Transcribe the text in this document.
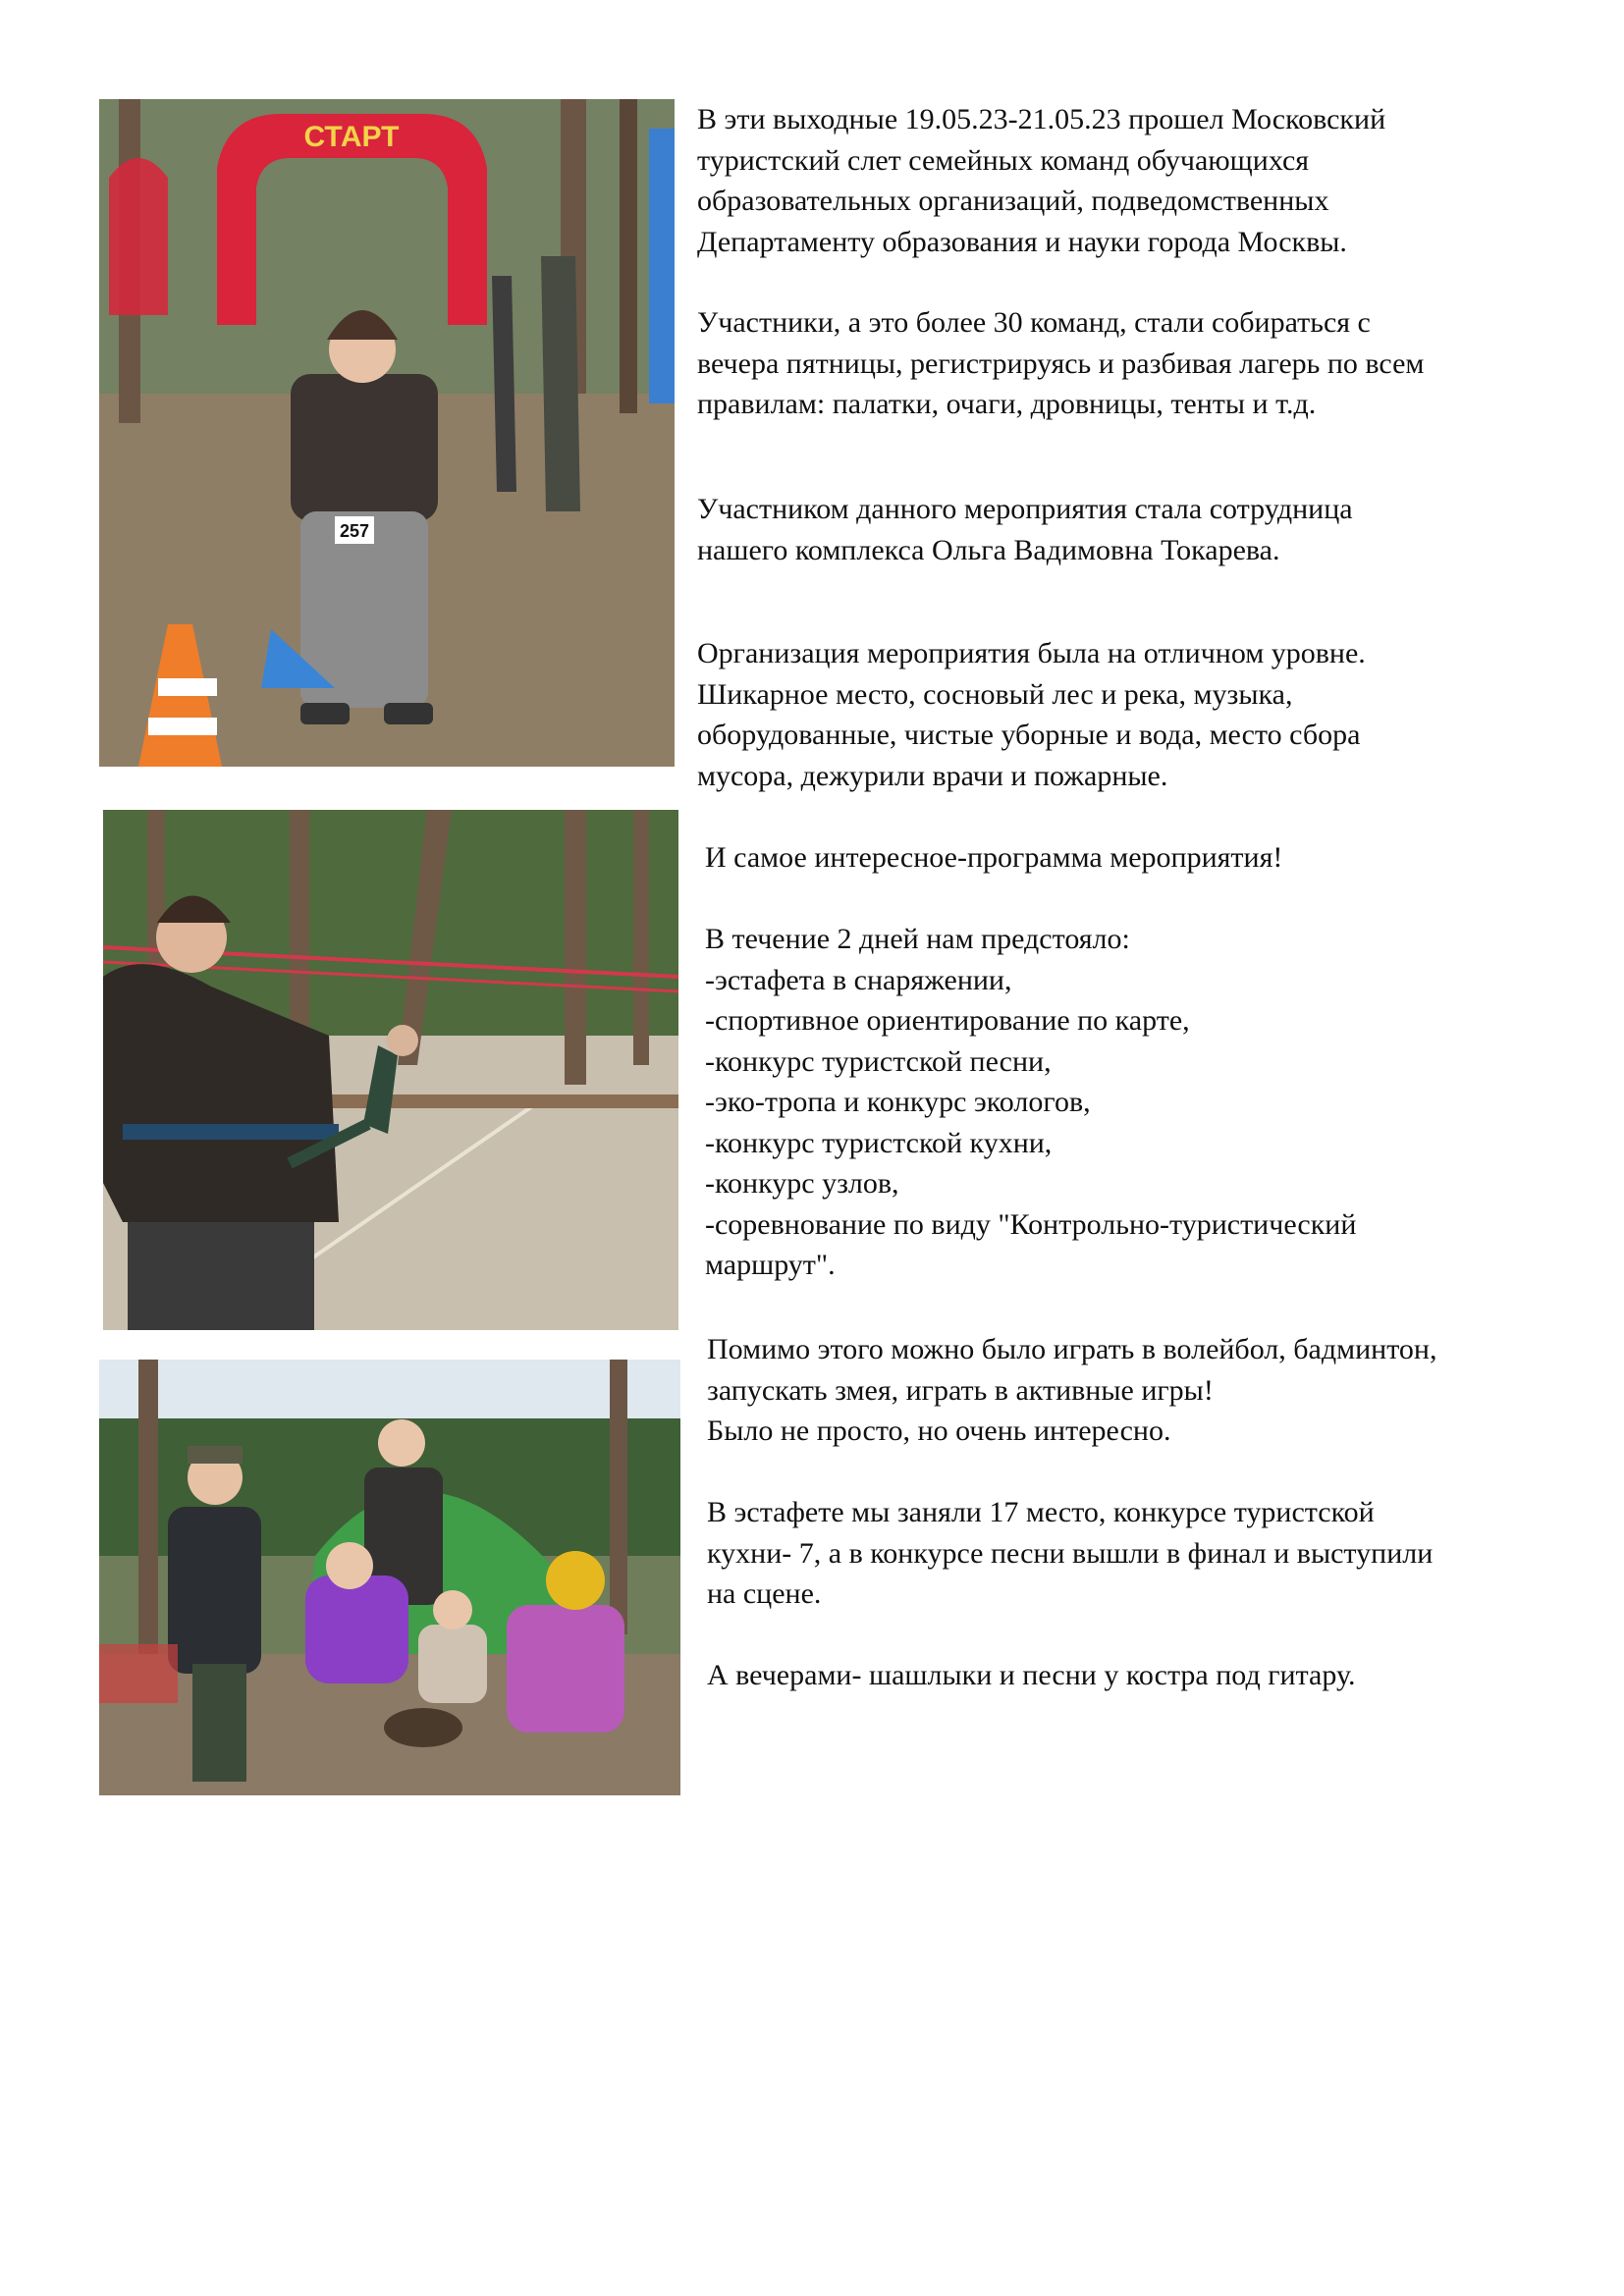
СТАРТ
257

В эти выходные 19.05.23-21.05.23 прошел Московский
туристский слет семейных команд обучающихся
образовательных организаций, подведомственных
Департаменту образования и науки города Москвы.

Участники, а это более 30 команд, стали собираться с
вечера пятницы, регистрируясь и разбивая лагерь по всем
правилам: палатки, очаги, дровницы, тенты и т.д.

Участником данного мероприятия стала сотрудница
нашего комплекса Ольга Вадимовна Токарева.

Организация мероприятия была на отличном уровне.
Шикарное место, сосновый лес и река, музыка,
оборудованные, чистые уборные и вода, место сбора
мусора, дежурили врачи и пожарные.

И самое интересное-программа мероприятия!

В течение 2 дней нам предстояло:
-эстафета в снаряжении,
-спортивное ориентирование по карте,
-конкурс туристской песни,
-эко-тропа и конкурс экологов,
-конкурс туристской кухни,
-конкурс узлов,
-соревнование по виду "Контрольно-туристический
маршрут".

Помимо этого можно было играть в волейбол, бадминтон,
запускать змея, играть в активные игры!
Было не просто, но очень интересно.

В эстафете мы заняли 17 место, конкурсе туристской
кухни- 7, а в конкурсе песни вышли в финал и выступили
на сцене.

А вечерами- шашлыки и песни у костра под гитару.
